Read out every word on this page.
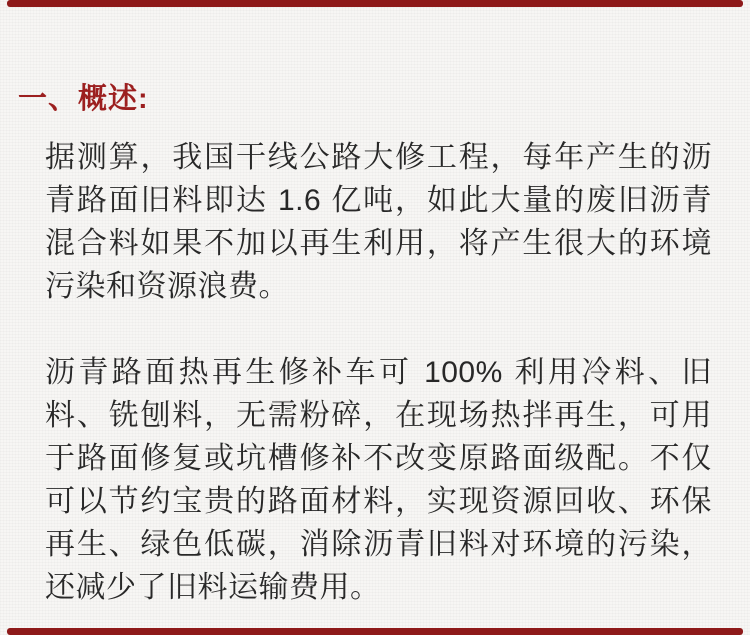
一、概述:

据测算，我国干线公路大修工程，每年产生的沥青路面旧料即达 1.6 亿吨，如此大量的废旧沥青混合料如果不加以再生利用，将产生很大的环境污染和资源浪费。

沥青路面热再生修补车可 100% 利用冷料、旧料、铣刨料，无需粉碎，在现场热拌再生，可用于路面修复或坑槽修补不改变原路面级配。不仅可以节约宝贵的路面材料，实现资源回收、环保再生、绿色低碳，消除沥青旧料对环境的污染，还减少了旧料运输费用。
